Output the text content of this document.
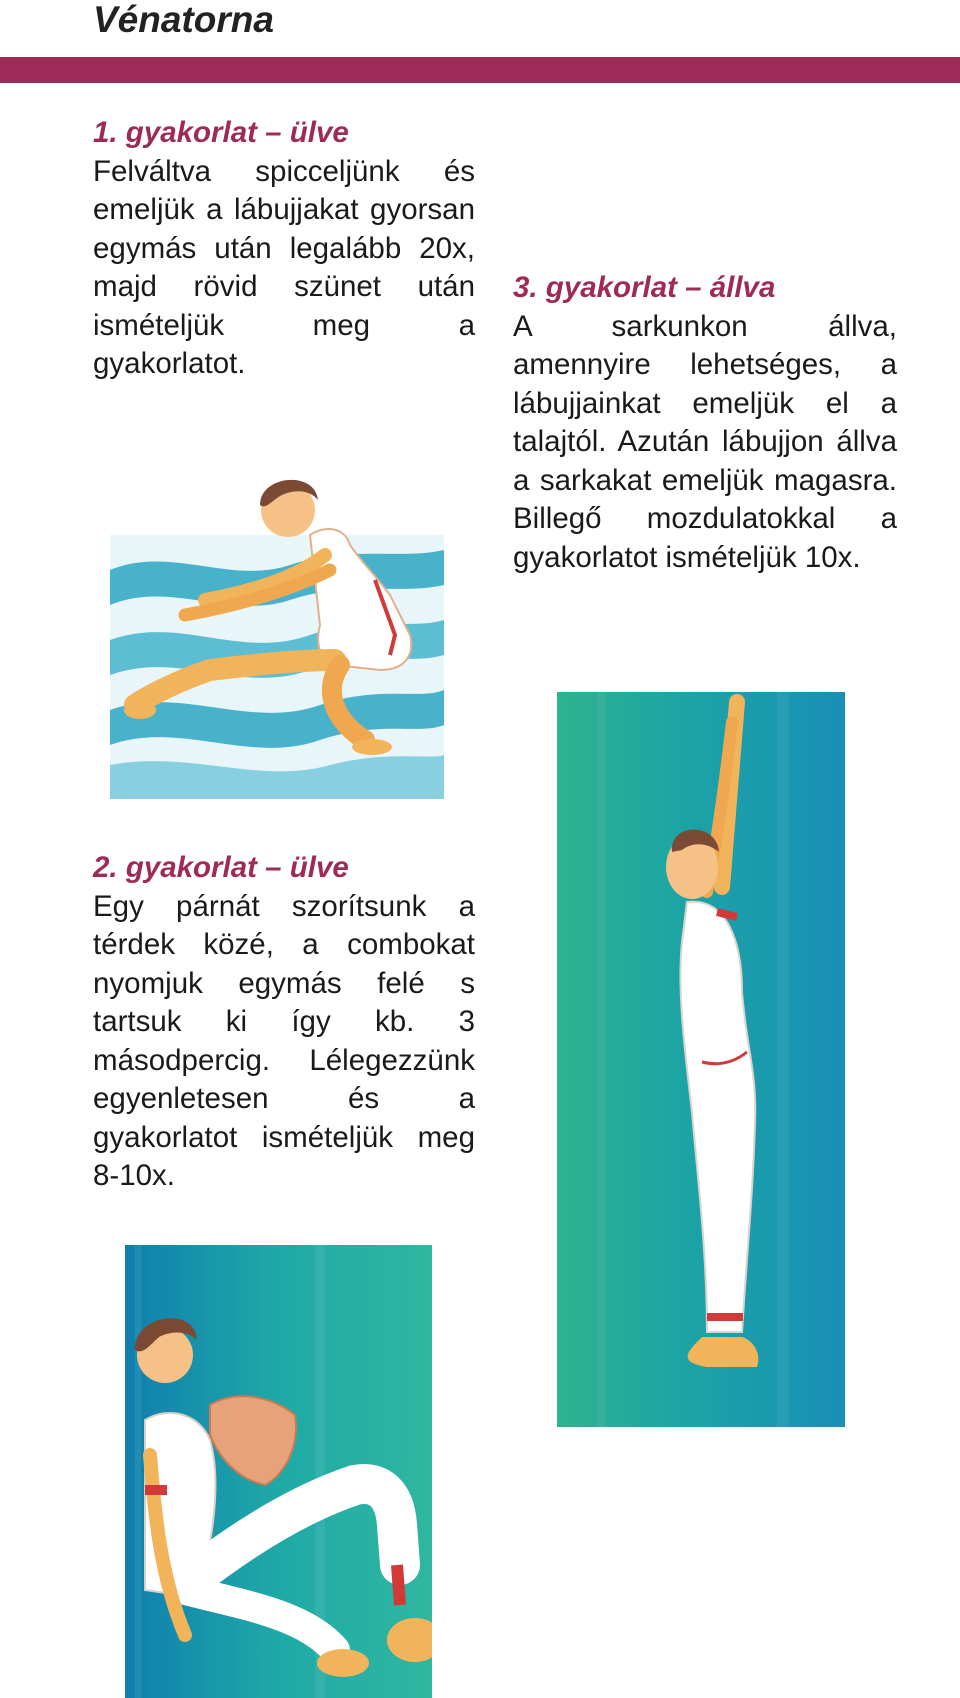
Vénatorna
1. gyakorlat – ülve

Felváltva spicceljünk és emeljük a lábujjakat gyorsan egymás után legalább 20x, majd rövid szünet után ismételjük meg a gyakorlatot.

2. gyakorlat – ülve

Egy párnát szorítsunk a térdek közé, a combokat nyomjuk egymás felé s tartsuk ki így kb. 3 másodpercig. Lélegezzünk egyenletesen és a gyakorlatot ismételjük meg 8-10x.

3. gyakorlat – állva

A sarkunkon állva, amennyire lehetséges, a lábujjainkat emeljük el a talajtól. Azután lábujjon állva a sarkakat emeljük magasra. Billegő mozdulatokkal a gyakorlatot ismételjük 10x.
